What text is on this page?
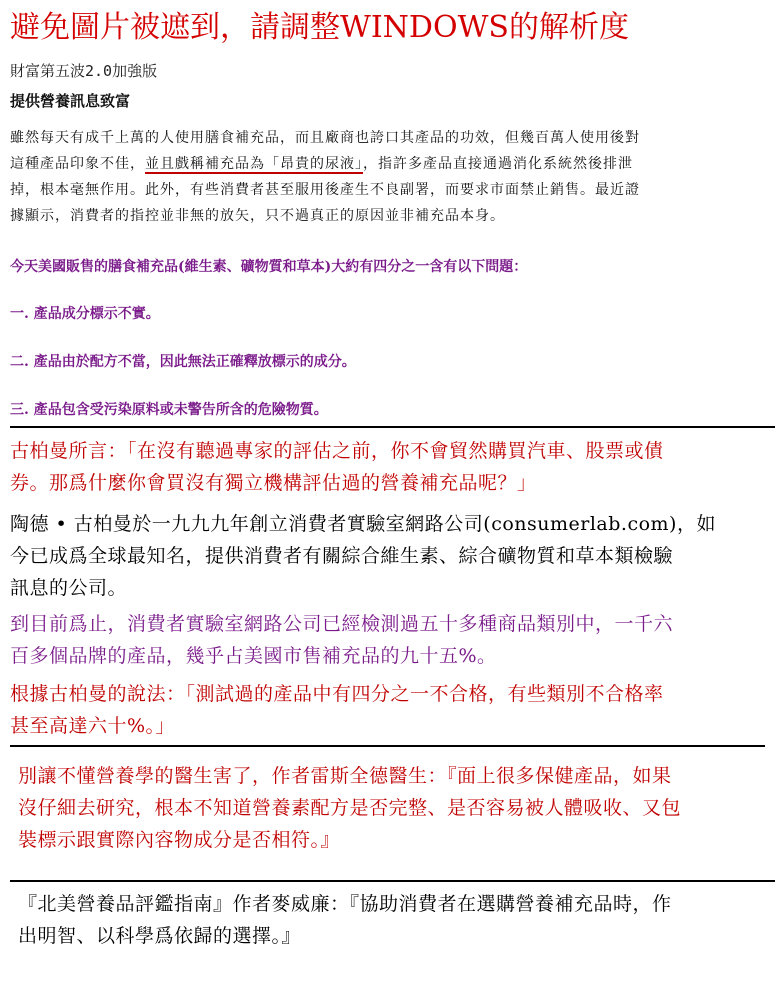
避免圖片被遮到，請調整WINDOWS的解析度
財富第五波2.0加強版
提供營養訊息致富
雖然每天有成千上萬的人使用膳食補充品，而且廠商也誇口其產品的功效，但幾百萬人使用後對
這種產品印象不佳，並且戲稱補充品為「昂貴的尿液」，指許多產品直接通過消化系統然後排泄
掉，根本毫無作用。此外，有些消費者甚至服用後產生不良副署，而要求市面禁止銷售。最近證
據顯示，消費者的指控並非無的放矢，只不過真正的原因並非補充品本身。
今天美國販售的膳食補充品(維生素、礦物質和草本)大約有四分之一含有以下問題：
一. 產品成分標示不實。
二. 產品由於配方不當，因此無法正確釋放標示的成分。
三. 產品包含受污染原料或未警告所含的危險物質。
古柏曼所言：「在沒有聽過專家的評估之前，你不會貿然購買汽車、股票或債
券。那爲什麼你會買沒有獨立機構評估過的營養補充品呢？」
陶德 • 古柏曼於一九九九年創立消費者實驗室網路公司(consumerlab.com)，如
今已成爲全球最知名，提供消費者有關綜合維生素、綜合礦物質和草本類檢驗
訊息的公司。
到目前爲止，消費者實驗室網路公司已經檢測過五十多種商品類別中，一千六
百多個品牌的產品，幾乎占美國市售補充品的九十五%。
根據古柏曼的說法：「測試過的產品中有四分之一不合格，有些類別不合格率
甚至高達六十%。」
別讓不懂營養學的醫生害了，作者雷斯全德醫生：『面上很多保健產品，如果
沒仔細去研究，根本不知道營養素配方是否完整、是否容易被人體吸收、又包
裝標示跟實際內容物成分是否相符。』
『北美營養品評鑑指南』作者麥威廉：『協助消費者在選購營養補充品時，作
出明智、以科學爲依歸的選擇。』
